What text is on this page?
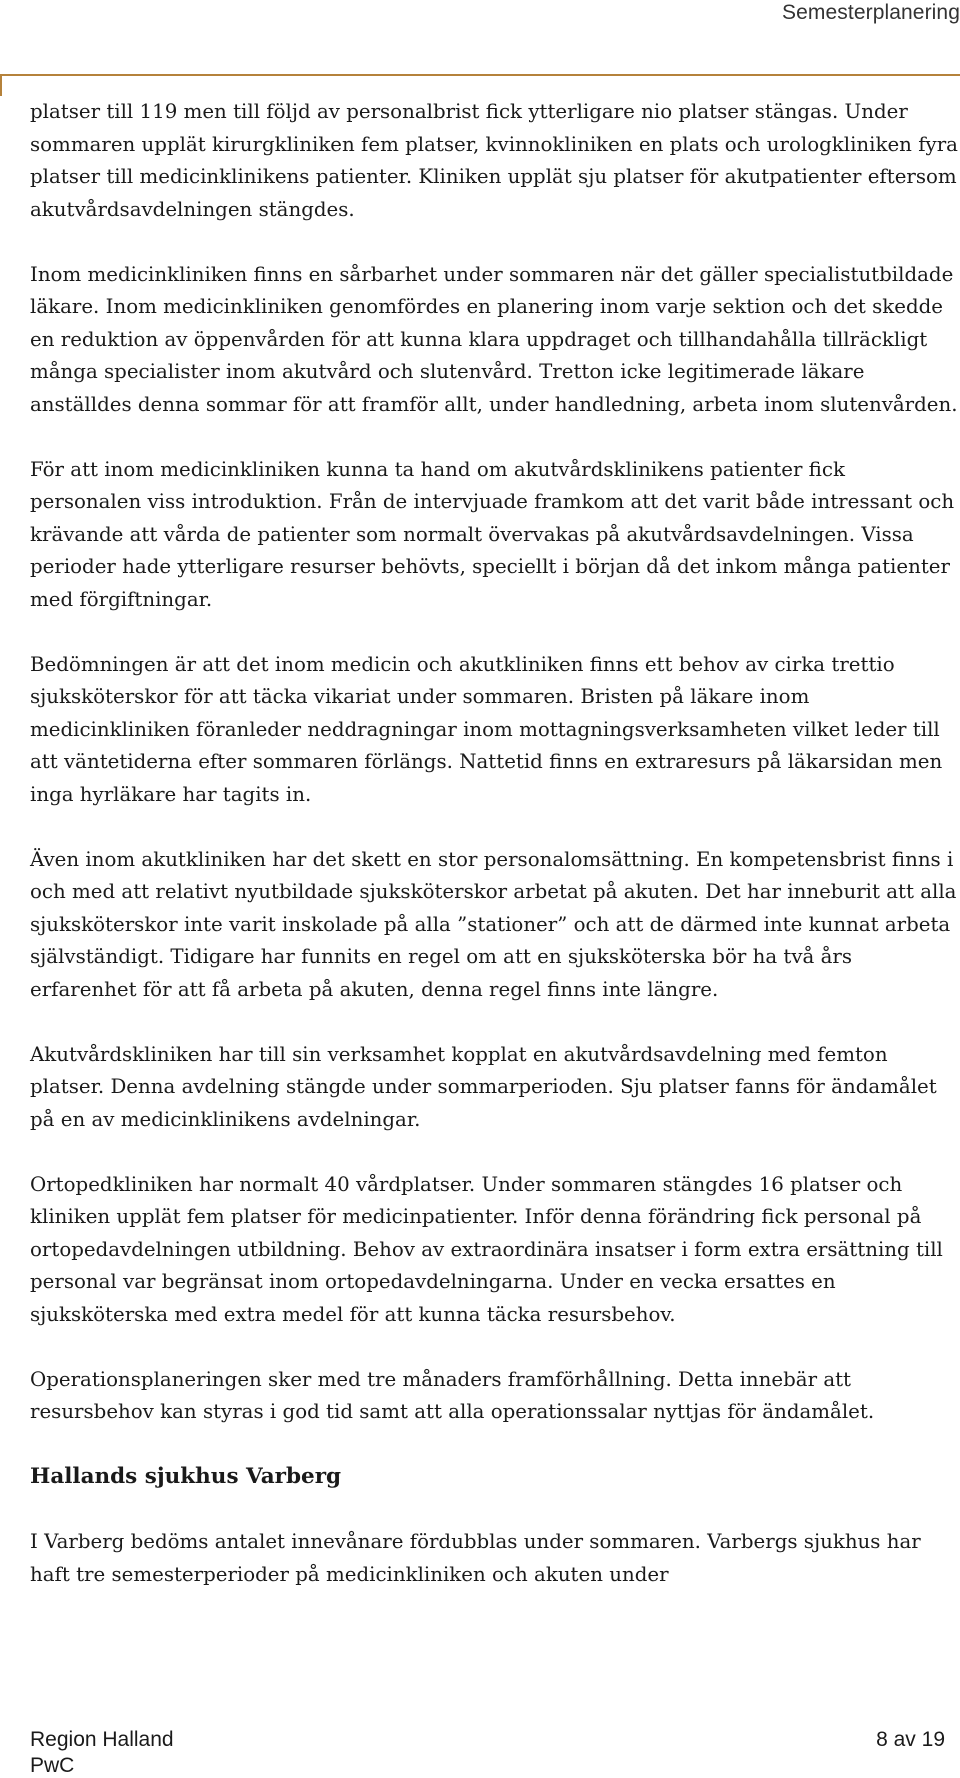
Semesterplanering

platser till 119 men till följd av personalbrist fick ytterligare nio platser stängas. Under sommaren upplät kirurgkliniken fem platser, kvinnokliniken en plats och urologkliniken fyra platser till medicinklinikens patienter. Kliniken upplät sju platser för akutpatienter eftersom akutvårdsavdelningen stängdes.

Inom medicinkliniken finns en sårbarhet under sommaren när det gäller specialistutbildade läkare. Inom medicinkliniken genomfördes en planering inom varje sektion och det skedde en reduktion av öppenvården för att kunna klara uppdraget och tillhandahålla tillräckligt många specialister inom akutvård och slutenvård. Tretton icke legitimerade läkare anställdes denna sommar för att framför allt, under handledning, arbeta inom slutenvården.

För att inom medicinkliniken kunna ta hand om akutvårdsklinikens patienter fick personalen viss introduktion. Från de intervjuade framkom att det varit både intressant och krävande att vårda de patienter som normalt övervakas på akutvårdsavdelningen. Vissa perioder hade ytterligare resurser behövts, speciellt i början då det inkom många patienter med förgiftningar.

Bedömningen är att det inom medicin och akutkliniken finns ett behov av cirka trettio sjuksköterskor för att täcka vikariat under sommaren. Bristen på läkare inom medicinkliniken föranleder neddragningar inom mottagningsverksamheten vilket leder till att väntetiderna efter sommaren förlängs. Nattetid finns en extraresurs på läkarsidan men inga hyrläkare har tagits in.

Även inom akutkliniken har det skett en stor personalomsättning. En kompetensbrist finns i och med att relativt nyutbildade sjuksköterskor arbetat på akuten. Det har inneburit att alla sjuksköterskor inte varit inskolade på alla ”stationer” och att de därmed inte kunnat arbeta självständigt. Tidigare har funnits en regel om att en sjuksköterska bör ha två års erfarenhet för att få arbeta på akuten, denna regel finns inte längre.

Akutvårdskliniken har till sin verksamhet kopplat en akutvårdsavdelning med femton platser. Denna avdelning stängde under sommarperioden. Sju platser fanns för ändamålet på en av medicinklinikens avdelningar.

Ortopedkliniken har normalt 40 vårdplatser. Under sommaren stängdes 16 platser och kliniken upplät fem platser för medicinpatienter. Inför denna förändring fick personal på ortopedavdelningen utbildning. Behov av extraordinära insatser i form extra ersättning till personal var begränsat inom ortopedavdelningarna. Under en vecka ersattes en sjuksköterska med extra medel för att kunna täcka resursbehov.

Operationsplaneringen sker med tre månaders framförhållning. Detta innebär att resursbehov kan styras i god tid samt att alla operationssalar nyttjas för ändamålet.

Hallands sjukhus Varberg

I Varberg bedöms antalet innevånare fördubblas under sommaren. Varbergs sjukhus har haft tre semesterperioder på medicinkliniken och akuten under

Region Halland
PwC
8 av 19
